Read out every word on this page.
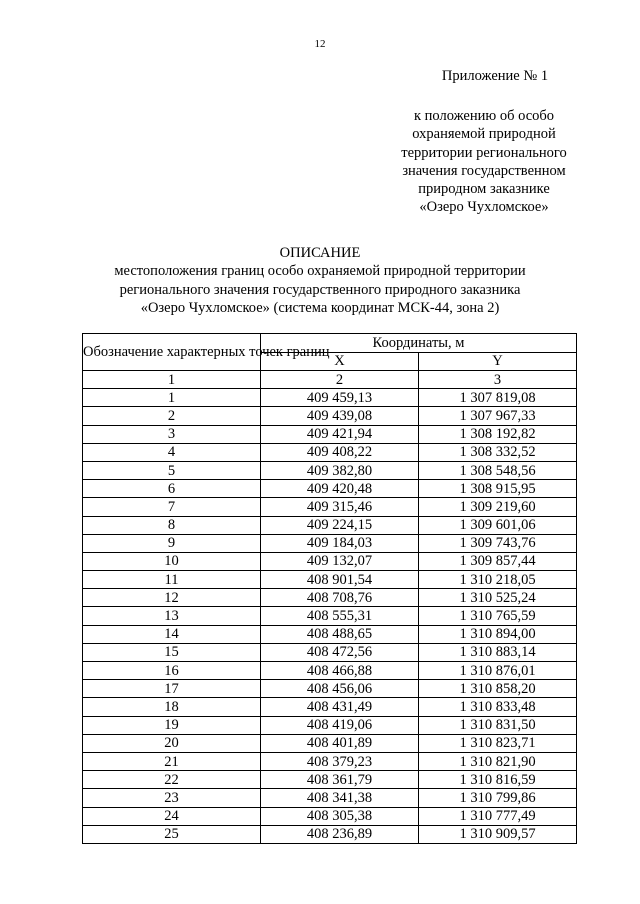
12
Приложение № 1
к положению об особо
охраняемой природной
территории регионального
значения государственном
природном заказнике
«Озеро Чухломское»
ОПИСАНИЕ
местоположения границ особо охраняемой природной территории
регионального значения государственного природного заказника
«Озеро Чухломское» (система координат МСК-44, зона 2)
Обозначение характерных точек границ	Координаты, м	
	X	Y
1	2	3
1	409 459,13	1 307 819,08
2	409 439,08	1 307 967,33
3	409 421,94	1 308 192,82
4	409 408,22	1 308 332,52
5	409 382,80	1 308 548,56
6	409 420,48	1 308 915,95
7	409 315,46	1 309 219,60
8	409 224,15	1 309 601,06
9	409 184,03	1 309 743,76
10	409 132,07	1 309 857,44
11	408 901,54	1 310 218,05
12	408 708,76	1 310 525,24
13	408 555,31	1 310 765,59
14	408 488,65	1 310 894,00
15	408 472,56	1 310 883,14
16	408 466,88	1 310 876,01
17	408 456,06	1 310 858,20
18	408 431,49	1 310 833,48
19	408 419,06	1 310 831,50
20	408 401,89	1 310 823,71
21	408 379,23	1 310 821,90
22	408 361,79	1 310 816,59
23	408 341,38	1 310 799,86
24	408 305,38	1 310 777,49
25	408 236,89	1 310 909,57
